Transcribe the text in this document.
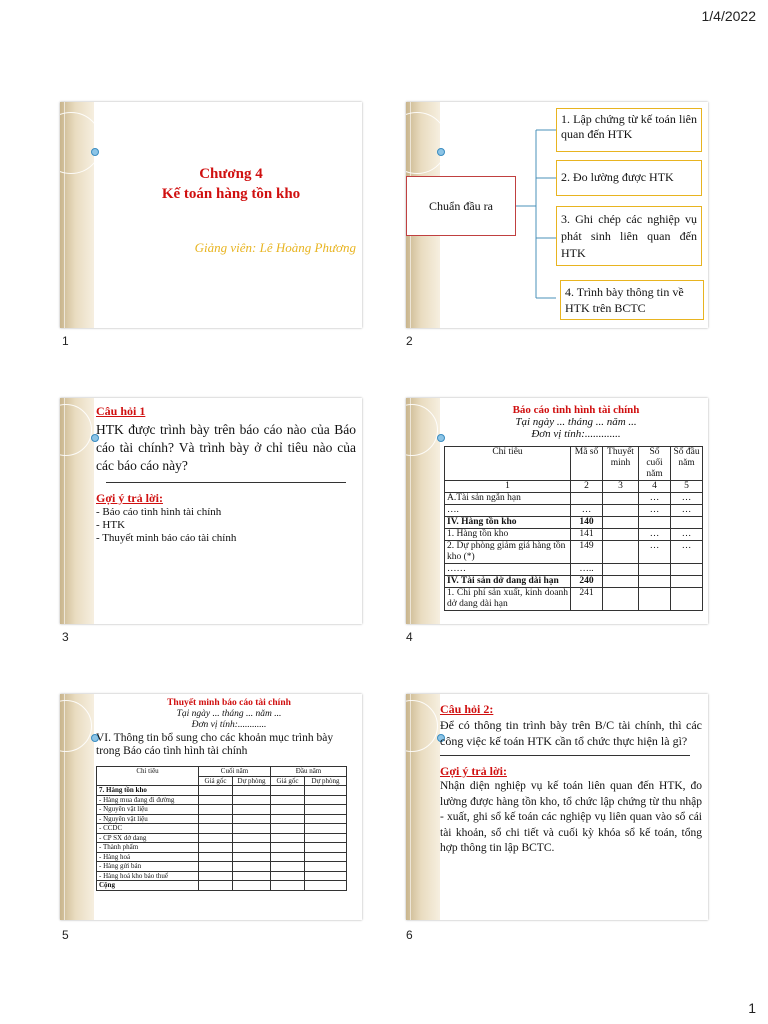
1/4/2022
Chương 4
Kế toán hàng tồn kho
Giảng viên: Lê Hoàng Phương
1
Chuẩn đầu ra
1. Lập chứng từ kế toán liên quan đến HTK
2. Đo lường được HTK
3. Ghi chép các nghiệp vụ phát sinh liên quan đến HTK
4. Trình bày thông tin về HTK trên BCTC
2
Câu hỏi 1
HTK được trình bày trên báo cáo nào của Báo cáo tài chính? Và trình bày ở chỉ tiêu nào của các báo cáo này?
Gợi ý trả lời:
- Báo cáo tình hình tài chính
- HTK
- Thuyết minh báo cáo tài chính
3
Báo cáo tình hình tài chính
Tại ngày ... tháng ... năm ...
Đơn vị tính:.............
Chỉ tiêu	Mã số	Thuyết minh	Số cuối năm	Số đầu năm
1	2	3	4	5
A.Tài sản ngắn hạn			…	…
….	…		…	…
IV. Hàng tồn kho	140			
1. Hàng tồn kho	141		…	…
2. Dự phòng giảm giá hàng tồn kho (*)	149		…	…
……	…..			
IV. Tài sản dở dang dài hạn	240			
1. Chi phí sản xuất, kinh doanh dở dang dài hạn	241			
4
Thuyết minh báo cáo tài chính
Tại ngày ... tháng ... năm ...
Đơn vị tính:............
VI. Thông tin bổ sung cho các khoản mục trình bày trong Báo cáo tình hình tài chính
Chỉ tiêu	Cuối năm		Đầu năm	
	Giá gốc	Dự phòng	Giá gốc	Dự phòng
7. Hàng tồn kho				
- Hàng mua đang đi đường				
- Nguyên vật liệu				
- Nguyên vật liệu				
- CCDC				
- CP SX dở dang				
- Thành phẩm				
- Hàng hoá				
- Hàng gửi bán				
- Hàng hoá kho bảo thuế				
Cộng				
5
Câu hỏi 2:
Để có thông tin trình bày trên B/C tài chính, thì các công việc kế toán HTK cần tổ chức thực hiện là gì?
Gợi ý trả lời:
Nhận diện nghiệp vụ kế toán liên quan đến HTK, đo lường được hàng tồn kho, tổ chức lập chứng từ thu nhập - xuất, ghi sổ kế toán các nghiệp vụ liên quan vào sổ cái tài khoản, sổ chi tiết và cuối kỳ khóa sổ kế toán, tổng hợp thông tin lập BCTC.
6
1
